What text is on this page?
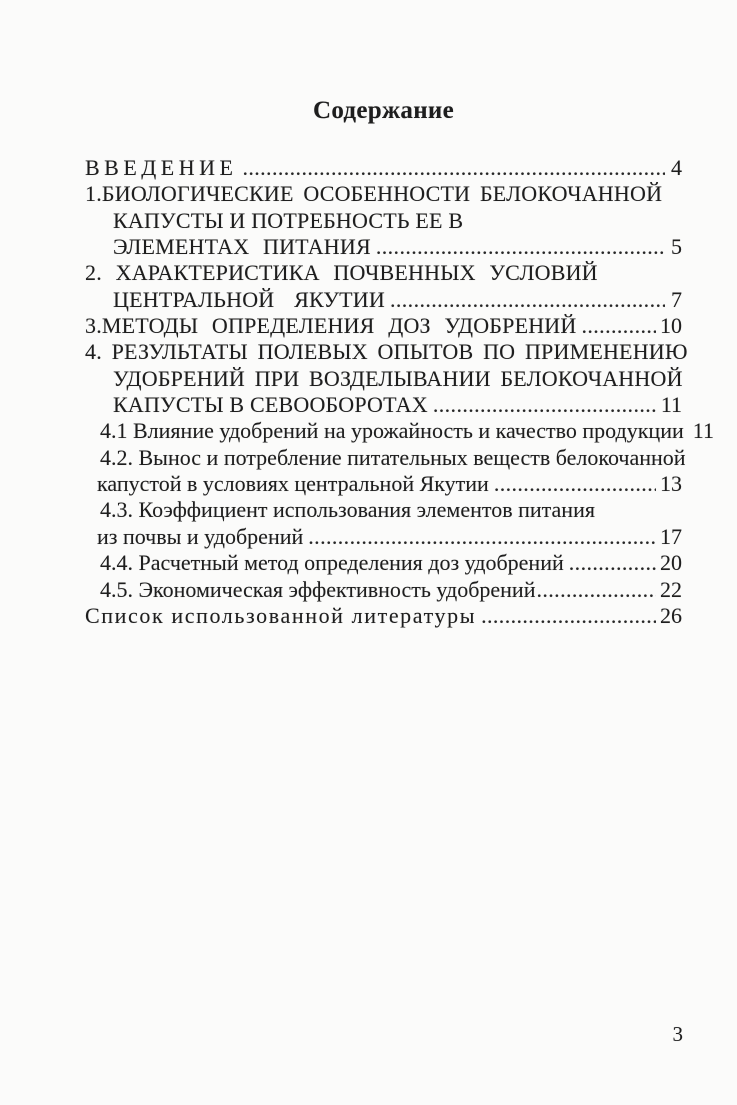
Содержание
ВВЕДЕНИЕ .....	4
1.БИОЛОГИЧЕСКИЕ ОСОБЕННОСТИ БЕЛОКОЧАННОЙ
КАПУСТЫ И ПОТРЕБНОСТЬ ЕЕ В
ЭЛЕМЕНТАХ ПИТАНИЯ .....	5
2. ХАРАКТЕРИСТИКА ПОЧВЕННЫХ УСЛОВИЙ
ЦЕНТРАЛЬНОЙ ЯКУТИИ .....	7
3.МЕТОДЫ ОПРЕДЕЛЕНИЯ ДОЗ УДОБРЕНИЙ .....	10
4. РЕЗУЛЬТАТЫ ПОЛЕВЫХ ОПЫТОВ ПО ПРИМЕНЕНИЮ
УДОБРЕНИЙ ПРИ ВОЗДЕЛЫВАНИИ БЕЛОКОЧАННОЙ
КАПУСТЫ В СЕВООБОРОТАХ .....	11
4.1 Влияние удобрений на урожайность и качество продукции 11
4.2. Вынос и потребление питательных веществ белокочанной
капустой в условиях центральной Якутии .....	13
4.3. Коэффициент использования элементов питания
из почвы и удобрений .....	17
4.4. Расчетный метод определения доз удобрений .....	20
4.5. Экономическая эффективность удобрений .....	22
Список использованной литературы .....	26
3
